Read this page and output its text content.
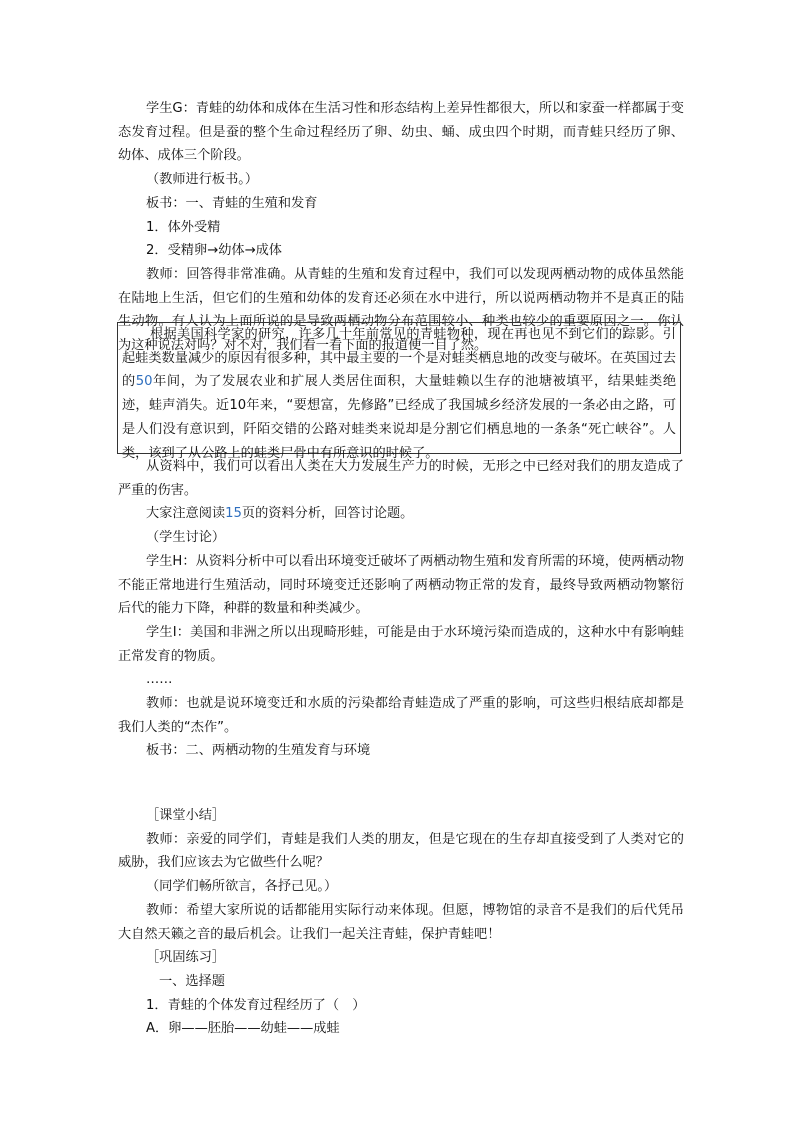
学生G：青蛙的幼体和成体在生活习性和形态结构上差异性都很大，所以和家蚕一样都属于变态发育过程。但是蚕的整个生命过程经历了卵、幼虫、蛹、成虫四个时期，而青蛙只经历了卵、幼体、成体三个阶段。

（教师进行板书。）

板书：一、青蛙的生殖和发育

1．体外受精

2．受精卵→幼体→成体

教师：回答得非常准确。从青蛙的生殖和发育过程中，我们可以发现两栖动物的成体虽然能在陆地上生活，但它们的生殖和幼体的发育还必须在水中进行，所以说两栖动物并不是真正的陆生动物。有人认为上面所说的是导致两栖动物分布范围较小、种类也较少的重要原因之一。你认为这种说法对吗？对不对，我们看一看下面的报道便一目了然。

根据美国科学家的研究，许多几十年前常见的青蛙物种，现在再也见不到它们的踪影。引起蛙类数量减少的原因有很多种，其中最主要的一个是对蛙类栖息地的改变与破坏。在英国过去的50年间，为了发展农业和扩展人类居住面积，大量蛙赖以生存的池塘被填平，结果蛙类绝迹，蛙声消失。近10年来，“要想富，先修路”已经成了我国城乡经济发展的一条必由之路，可是人们没有意识到，阡陌交错的公路对蛙类来说却是分割它们栖息地的一条条“死亡峡谷”。人类，该到了从公路上的蛙类尸骨中有所意识的时候了。

从资料中，我们可以看出人类在大力发展生产力的时候，无形之中已经对我们的朋友造成了严重的伤害。

大家注意阅读15页的资料分析，回答讨论题。

（学生讨论）

学生H：从资料分析中可以看出环境变迁破坏了两栖动物生殖和发育所需的环境，使两栖动物不能正常地进行生殖活动，同时环境变迁还影响了两栖动物正常的发育，最终导致两栖动物繁衍后代的能力下降，种群的数量和种类减少。

学生I：美国和非洲之所以出现畸形蛙，可能是由于水环境污染而造成的，这种水中有影响蛙正常发育的物质。

……

教师：也就是说环境变迁和水质的污染都给青蛙造成了严重的影响，可这些归根结底却都是我们人类的“杰作”。

板书：二、两栖动物的生殖发育与环境

［课堂小结］

教师：亲爱的同学们，青蛙是我们人类的朋友，但是它现在的生存却直接受到了人类对它的威胁，我们应该去为它做些什么呢？

（同学们畅所欲言，各抒己见。）

教师：希望大家所说的话都能用实际行动来体现。但愿，博物馆的录音不是我们的后代凭吊大自然天籁之音的最后机会。让我们一起关注青蛙，保护青蛙吧！

［巩固练习］

一、选择题

1．青蛙的个体发育过程经历了（　）

A．卵——胚胎——幼蛙——成蛙
